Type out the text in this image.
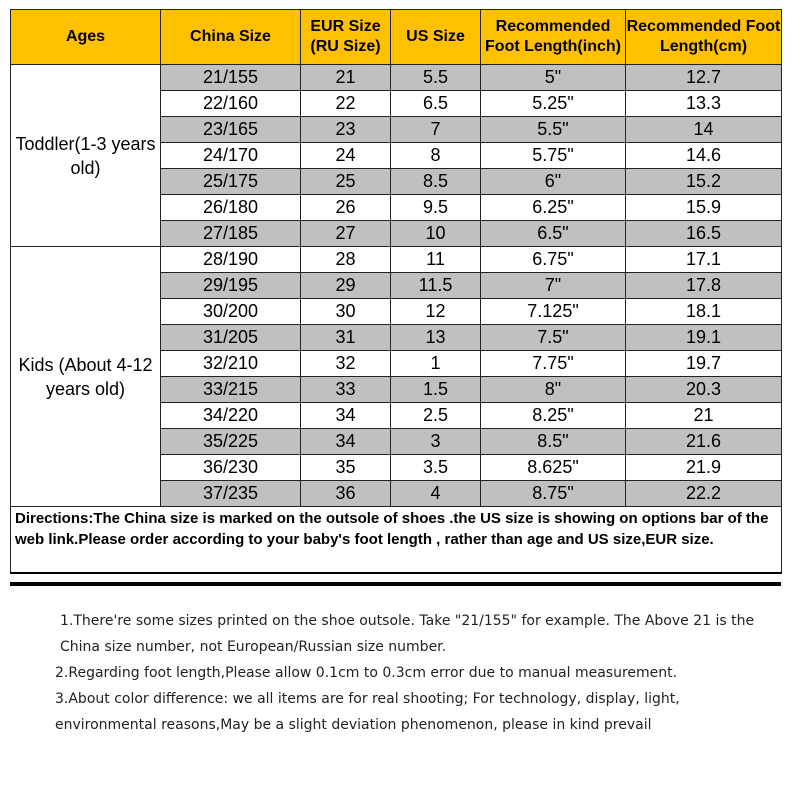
Ages	China Size	EUR Size (RU Size)	US Size	Recommended Foot Length(inch)	Recommended Foot Length(cm)
Toddler(1-3 years old)	21/155	21	5.5	5"	12.7
	22/160	22	6.5	5.25"	13.3
	23/165	23	7	5.5"	14
	24/170	24	8	5.75"	14.6
	25/175	25	8.5	6"	15.2
	26/180	26	9.5	6.25"	15.9
	27/185	27	10	6.5"	16.5
Kids (About 4-12 years old)	28/190	28	11	6.75"	17.1
	29/195	29	11.5	7"	17.8
	30/200	30	12	7.125"	18.1
	31/205	31	13	7.5"	19.1
	32/210	32	1	7.75"	19.7
	33/215	33	1.5	8"	20.3
	34/220	34	2.5	8.25"	21
	35/225	34	3	8.5"	21.6
	36/230	35	3.5	8.625"	21.9
	37/235	36	4	8.75"	22.2
Directions:The China size is marked on the outsole of shoes .the US size is showing on options bar of the web link.Please order according to your baby's foot length , rather than age and US size,EUR size.					

1.There're some sizes printed on the shoe outsole. Take "21/155" for example. The Above 21 is the China size number, not European/Russian size number.

2.Regarding foot length,Please allow 0.1cm to 0.3cm error due to manual measurement.

3.About color difference: we all items are for real shooting; For technology, display, light, environmental reasons,May be a slight deviation phenomenon, please in kind prevail
